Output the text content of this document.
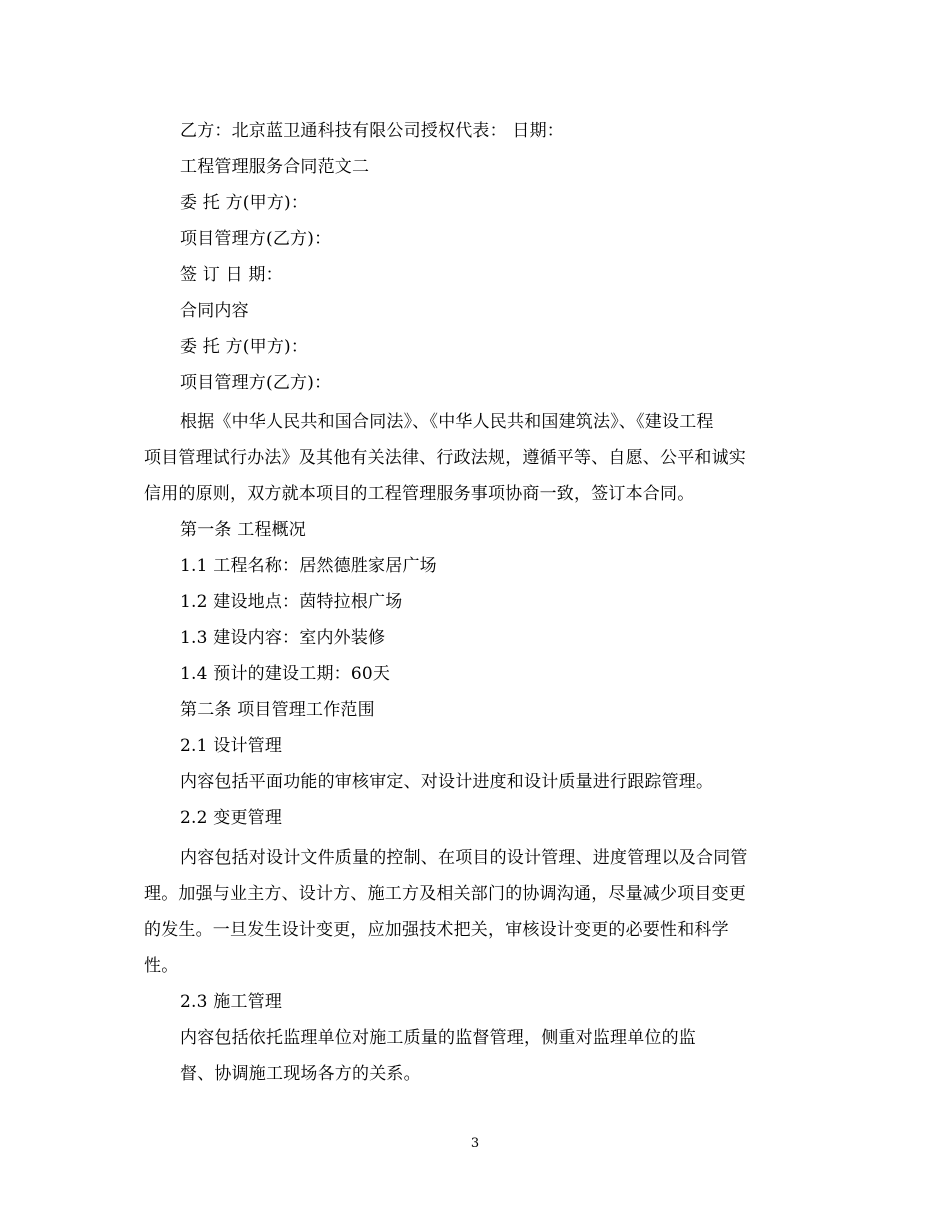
乙方：北京蓝卫通科技有限公司授权代表： 日期：
工程管理服务合同范文二
委 托 方(甲方)：
项目管理方(乙方)：
签 订 日 期：
合同内容
委 托 方(甲方)：
项目管理方(乙方)：
根据《中华人民共和国合同法》、《中华人民共和国建筑法》、《建设工程
项目管理试行办法》及其他有关法律、行政法规，遵循平等、自愿、公平和诚实
信用的原则，双方就本项目的工程管理服务事项协商一致，签订本合同。
第一条 工程概况
1.1 工程名称：居然德胜家居广场
1.2 建设地点：茵特拉根广场
1.3 建设内容：室内外装修
1.4 预计的建设工期：60天
第二条 项目管理工作范围
2.1 设计管理
内容包括平面功能的审核审定、对设计进度和设计质量进行跟踪管理。
2.2 变更管理
内容包括对设计文件质量的控制、在项目的设计管理、进度管理以及合同管
理。加强与业主方、设计方、施工方及相关部门的协调沟通，尽量减少项目变更
的发生。一旦发生设计变更，应加强技术把关，审核设计变更的必要性和科学
性。
2.3 施工管理
内容包括依托监理单位对施工质量的监督管理，侧重对监理单位的监
督、协调施工现场各方的关系。
3
